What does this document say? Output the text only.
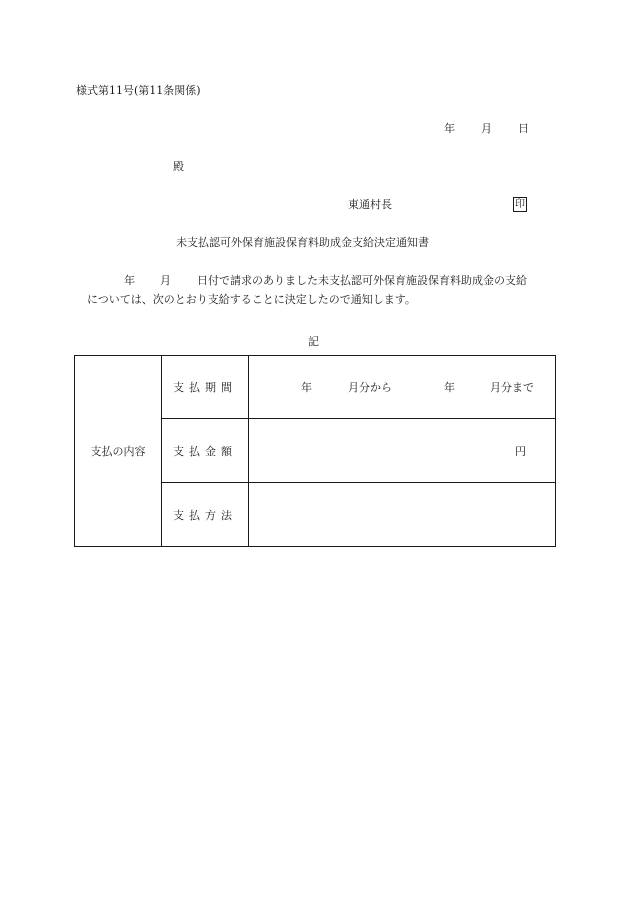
様式第11号(第11条関係)
年 月 日
殿
東通村長	印
未支払認可外保育施設保育料助成金支給決定通知書
年 月 日付で請求のありました未支払認可外保育施設保育料助成金の支給
については、次のとおり支給することに決定したので通知します。
記
支払の内容	支払期間	年 月分から 年 月分まで

	支払金額	円

	支払方法	
